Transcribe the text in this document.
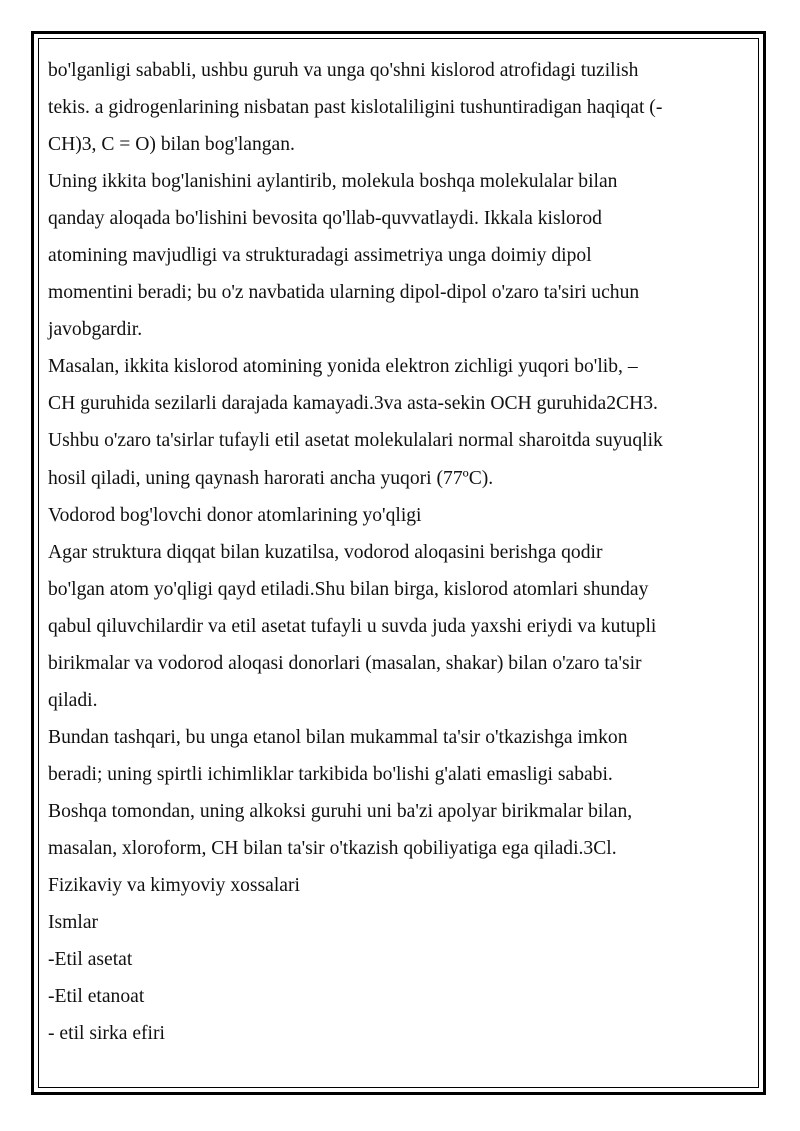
bo'lganligi sababli, ushbu guruh va unga qo'shni kislorod atrofidagi tuzilish
tekis. a gidrogenlarining nisbatan past kislotaliligini tushuntiradigan haqiqat (-
CH)3, C = O) bilan bog'langan.
Uning ikkita bog'lanishini aylantirib, molekula boshqa molekulalar bilan
qanday aloqada bo'lishini bevosita qo'llab-quvvatlaydi. Ikkala kislorod
atomining mavjudligi va strukturadagi assimetriya unga doimiy dipol
momentini beradi; bu o'z navbatida ularning dipol-dipol o'zaro ta'siri uchun
javobgardir.
Masalan, ikkita kislorod atomining yonida elektron zichligi yuqori bo'lib, –
CH guruhida sezilarli darajada kamayadi.3va asta-sekin OCH guruhida2CH3.
Ushbu o'zaro ta'sirlar tufayli etil asetat molekulalari normal sharoitda suyuqlik
hosil qiladi, uning qaynash harorati ancha yuqori (77ºC).
Vodorod bog'lovchi donor atomlarining yo'qligi
Agar struktura diqqat bilan kuzatilsa, vodorod aloqasini berishga qodir
bo'lgan atom yo'qligi qayd etiladi.Shu bilan birga, kislorod atomlari shunday
qabul qiluvchilardir va etil asetat tufayli u suvda juda yaxshi eriydi va kutupli
birikmalar va vodorod aloqasi donorlari (masalan, shakar) bilan o'zaro ta'sir
qiladi.
Bundan tashqari, bu unga etanol bilan mukammal ta'sir o'tkazishga imkon
beradi; uning spirtli ichimliklar tarkibida bo'lishi g'alati emasligi sababi.
Boshqa tomondan, uning alkoksi guruhi uni ba'zi apolyar birikmalar bilan,
masalan, xloroform, CH bilan ta'sir o'tkazish qobiliyatiga ega qiladi.3Cl.
Fizikaviy va kimyoviy xossalari
Ismlar
-Etil asetat
-Etil etanoat
- etil sirka efiri
